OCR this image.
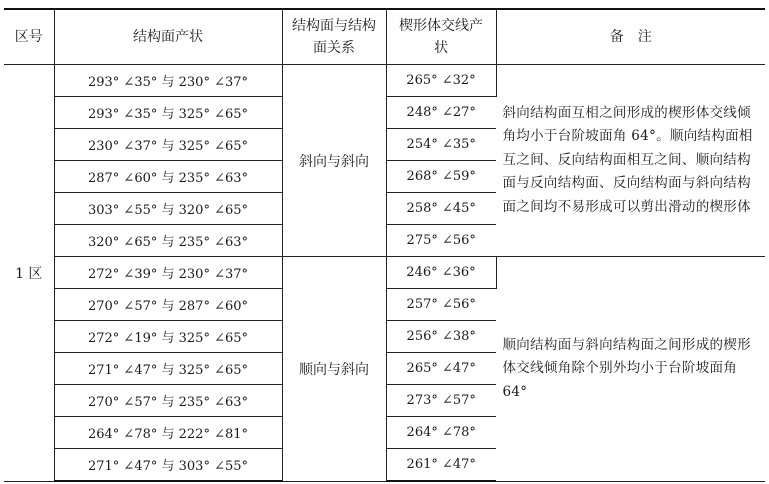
区号	结构面产状	结构面与结构面关系	楔形体交线产状	备　注
1 区	293° ∠35° 与 230° ∠37°	斜向与斜向	265° ∠32°	斜向结构面互相之间形成的楔形体交线倾角均小于台阶坡面角 64°。顺向结构面相互之间、反向结构面相互之间、顺向结构面与反向结构面、反向结构面与斜向结构面之间均不易形成可以剪出滑动的楔形体
	293° ∠35° 与 325° ∠65°		248° ∠27°	
	230° ∠37° 与 325° ∠65°		254° ∠35°	
	287° ∠60° 与 235° ∠63°		268° ∠59°	
	303° ∠55° 与 320° ∠65°		258° ∠45°	
	320° ∠65° 与 235° ∠63°		275° ∠56°	
	272° ∠39° 与 230° ∠37°	顺向与斜向	246° ∠36°	顺向结构面与斜向结构面之间形成的楔形体交线倾角除个别外均小于台阶坡面角 64°
	270° ∠57° 与 287° ∠60°		257° ∠56°	
	272° ∠19° 与 325° ∠65°		256° ∠38°	
	271° ∠47° 与 325° ∠65°		265° ∠47°	
	270° ∠57° 与 235° ∠63°		273° ∠57°	
	264° ∠78° 与 222° ∠81°		264° ∠78°	
	271° ∠47° 与 303° ∠55°		261° ∠47°	
